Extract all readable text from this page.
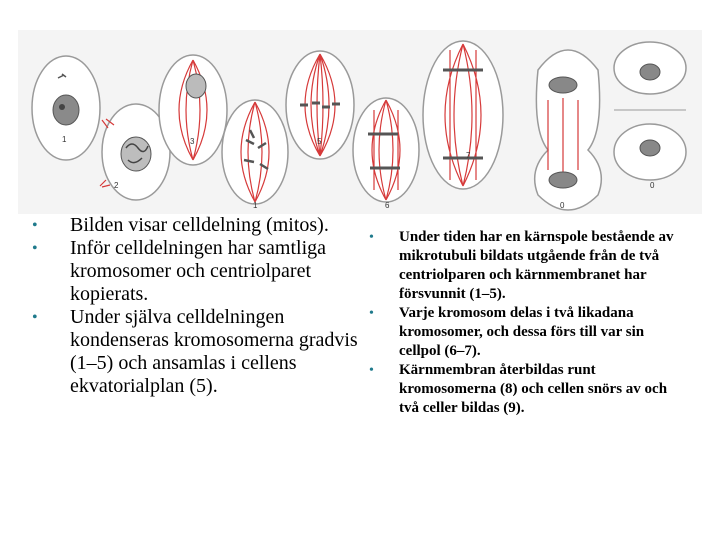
1
2
3
1
5
6
7
0
0
• Bilden visar celldelning (mitos).
• Inför celldelningen har samtliga kromosomer och centriolparet kopierats.
• Under själva celldelningen kondenseras kromosomerna gradvis (1–5) och ansamlas i cellens ekvatorialplan (5).
• Under tiden har en kärnspole bestående av mikrotubuli bildats utgående från de två centriolparen och kärnmembranet har försvunnit (1–5).
• Varje kromosom delas i två likadana kromosomer, och dessa förs till var sin cellpol (6–7).
• Kärnmembran återbildas runt kromosomerna (8) och cellen snörs av och två celler bildas (9).
